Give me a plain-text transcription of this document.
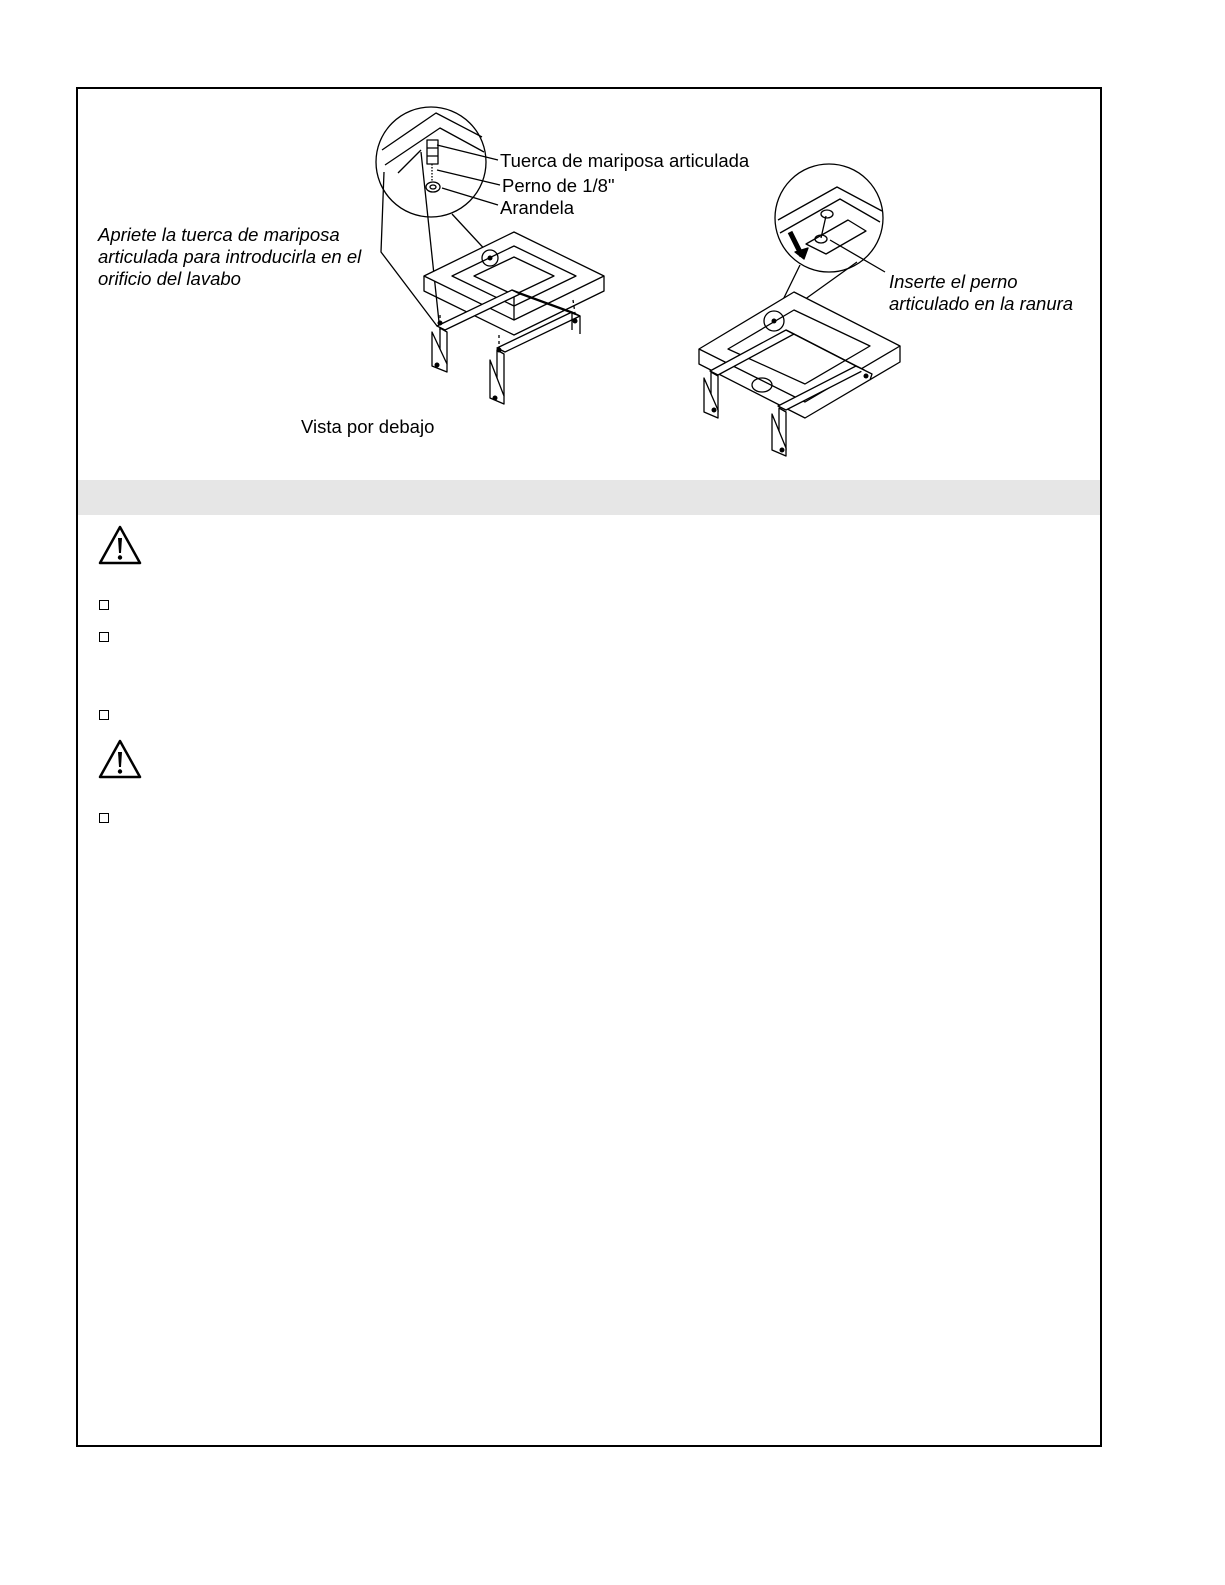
Tuerca de mariposa articulada
Perno de 1/8"
Arandela
Apriete la tuerca de mariposa
articulada para introducirla en el
orificio del lavabo	Inserte el perno
articulado en la ranura
Vista por debajo
